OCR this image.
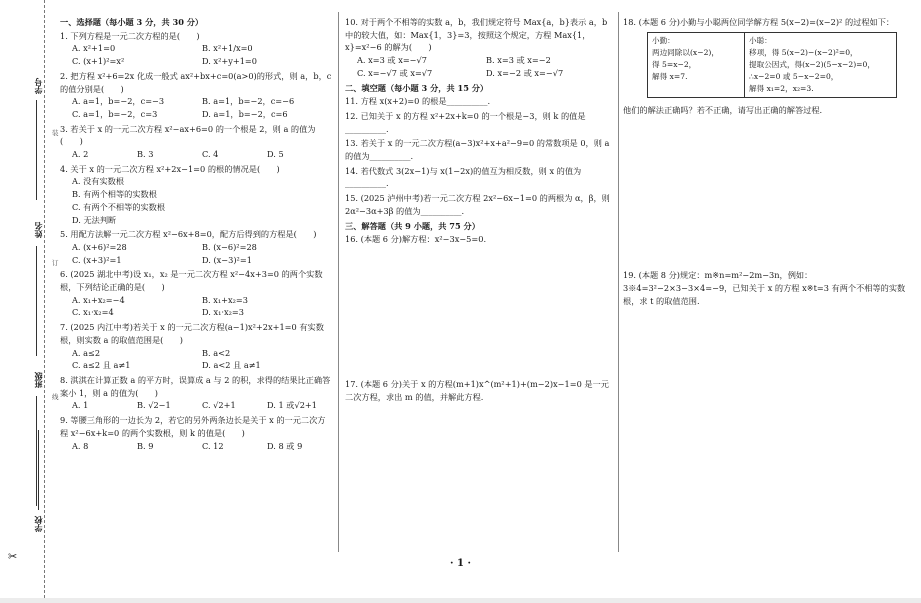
学号
姓名
班级
学校
装
订
线
✂
一、选择题（每小题 3 分，共 30 分）
1. 下列方程是一元二次方程的是(　　)
A. x²+1=0	B. x²+1/x=0
C. (x+1)²=x²	D. x²+y+1=0
2. 把方程 x²+6=2x 化成一般式 ax²+bx+c=0(a>0)的形式，则 a，b，c 的值分别是(　　)
A. a=1，b=−2，c=−3	B. a=1，b=−2，c=−6
C. a=1，b=−2，c=3	D. a=1，b=−2，c=6
3. 若关于 x 的一元二次方程 x²−ax+6=0 的一个根是 2，则 a 的值为(　　)
A. 2	B. 3	C. 4	D. 5
4. 关于 x 的一元二次方程 x²+2x−1=0 的根的情况是(　　)
A. 没有实数根
B. 有两个相等的实数根
C. 有两个不相等的实数根
D. 无法判断
5. 用配方法解一元二次方程 x²−6x+8=0，配方后得到的方程是(　　)
A. (x+6)²=28	B. (x−6)²=28
C. (x+3)²=1	D. (x−3)²=1
6. (2025 湖北中考)设 x₁，x₂ 是一元二次方程 x²−4x+3=0 的两个实数根，下列结论正确的是(　　)
A. x₁+x₂=−4	B. x₁+x₂=3
C. x₁·x₂=4	D. x₁·x₂=3
7. (2025 内江中考)若关于 x 的一元二次方程(a−1)x²+2x+1=0 有实数根，则实数 a 的取值范围是(　　)
A. a≤2	B. a<2
C. a≤2 且 a≠1	D. a<2 且 a≠1
8. 淇淇在计算正数 a 的平方时，误算成 a 与 2 的积，求得的结果比正确答案小 1，则 a 的值为(　　)
A. 1	B. √2−1	C. √2+1	D. 1 或√2+1
9. 等腰三角形的一边长为 2，若它的另外两条边长是关于 x 的一元二次方程 x²−6x+k=0 的两个实数根，则 k 的值是(　　)
A. 8	B. 9	C. 12	D. 8 或 9
10. 对于两个不相等的实数 a，b，我们规定符号 Max{a，b}表示 a，b 中的较大值，如：Max{1，3}=3，按照这个规定，方程 Max{1，x}=x²−6 的解为(　　)
A. x=3 或 x=−√7	B. x=3 或 x=−2
C. x=−√7 或 x=√7	D. x=−2 或 x=−√7
二、填空题（每小题 3 分，共 15 分）
11. 方程 x(x+2)=0 的根是__________.
12. 已知关于 x 的方程 x²+2x+k=0 的一个根是−3，则 k 的值是__________.
13. 若关于 x 的一元二次方程(a−3)x²+x+a²−9=0 的常数项是 0，则 a 的值为__________.
14. 若代数式 3(2x−1)与 x(1−2x)的值互为相反数，则 x 的值为__________.
15. (2025 泸州中考)若一元二次方程 2x²−6x−1=0 的两根为 α，β，则 2α²−3α+3β 的值为__________.
三、解答题（共 9 小题，共 75 分）
16. (本题 6 分)解方程：x²−3x−5=0.
17. (本题 6 分)关于 x 的方程(m+1)x^(m²+1)+(m−2)x−1=0 是一元二次方程，求出 m 的值，并解此方程.
18. (本题 6 分)小勤与小聪两位同学解方程 5(x−2)=(x−2)² 的过程如下：
小勤：
两边同除以(x−2)，
得 5=x−2，
解得 x=7.
小聪：
移项，得 5(x−2)−(x−2)²=0，
提取公因式，得(x−2)(5−x−2)=0，
∴x−2=0 或 5−x−2=0，
解得 x₁=2，x₂=3.
他们的解法正确吗？若不正确，请写出正确的解答过程.
19. (本题 8 分)规定：m※n=m²−2m−3n，例如：3※4=3²−2×3−3×4=−9，已知关于 x 的方程 x※t=3 有两个不相等的实数根，求 t 的取值范围.
· 1 ·
